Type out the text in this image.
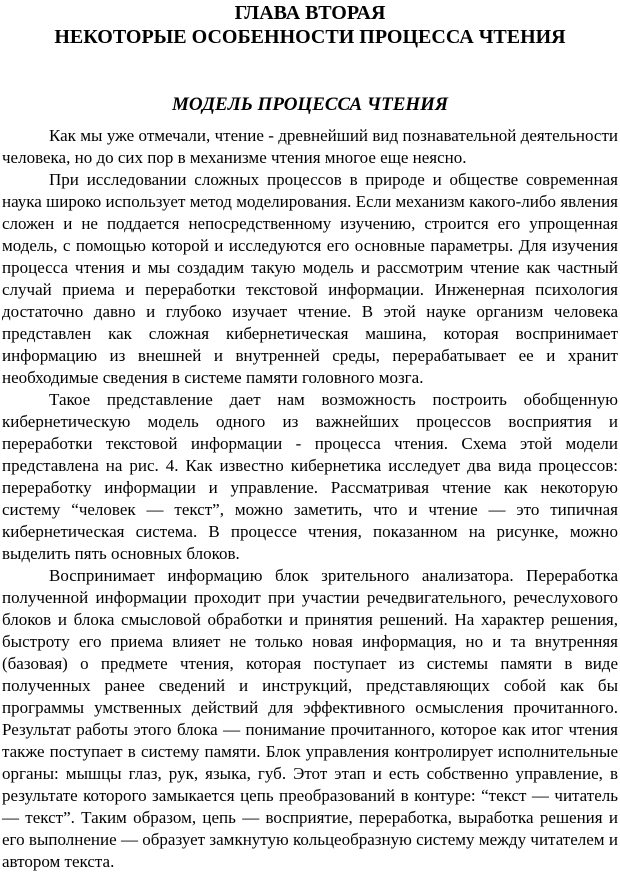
ГЛАВА ВТОРАЯ
НЕКОТОРЫЕ ОСОБЕННОСТИ ПРОЦЕССА ЧТЕНИЯ
МОДЕЛЬ ПРОЦЕССА ЧТЕНИЯ

Как мы уже отмечали, чтение - древнейший вид познавательной деятельности человека, но до сих пор в механизме чтения многое еще неясно.

При исследовании сложных процессов в природе и обществе современная наука широко использует метод моделирования. Если механизм какого-либо явления сложен и не поддается непосредственному изучению, строится его упрощенная модель, с помощью которой и исследуются его основные параметры. Для изучения процесса чтения и мы создадим такую модель и рассмотрим чтение как частный случай приема и переработки текстовой информации. Инженерная психология достаточно давно и глубоко изучает чтение. В этой науке организм человека представлен как сложная кибернетическая машина, которая воспринимает информацию из внешней и внутренней среды, перерабатывает ее и хранит необходимые сведения в системе памяти головного мозга.

Такое представление дает нам возможность построить обобщенную кибернетическую модель одного из важнейших процессов восприятия и переработки текстовой информации - процесса чтения. Схема этой модели представлена на рис. 4. Как известно кибернетика исследует два вида процессов: переработку информации и управление. Рассматривая чтение как некоторую систему “человек — текст”, можно заметить, что и чтение — это типичная кибернетическая система. В процессе чтения, показанном на рисунке, можно выделить пять основных блоков.

Воспринимает информацию блок зрительного анализатора. Переработка полученной информации проходит при участии речедвигательного, речеслухового блоков и блока смысловой обработки и принятия решений. На характер решения, быстроту его приема влияет не только новая информация, но и та внутренняя (базовая) о предмете чтения, которая поступает из системы памяти в виде полученных ранее сведений и инструкций, представляющих собой как бы программы умственных действий для эффективного осмысления прочитанного. Результат работы этого блока — понимание прочитанного, которое как итог чтения также поступает в систему памяти. Блок управления контролирует исполнительные органы: мышцы глаз, рук, языка, губ. Этот этап и есть собственно управление, в результате которого замыкается цепь преобразований в контуре: “текст — читатель — текст”. Таким образом, цепь — восприятие, переработка, выработка решения и его выполнение — образует замкнутую кольцеобразную систему между читателем и автором текста.
